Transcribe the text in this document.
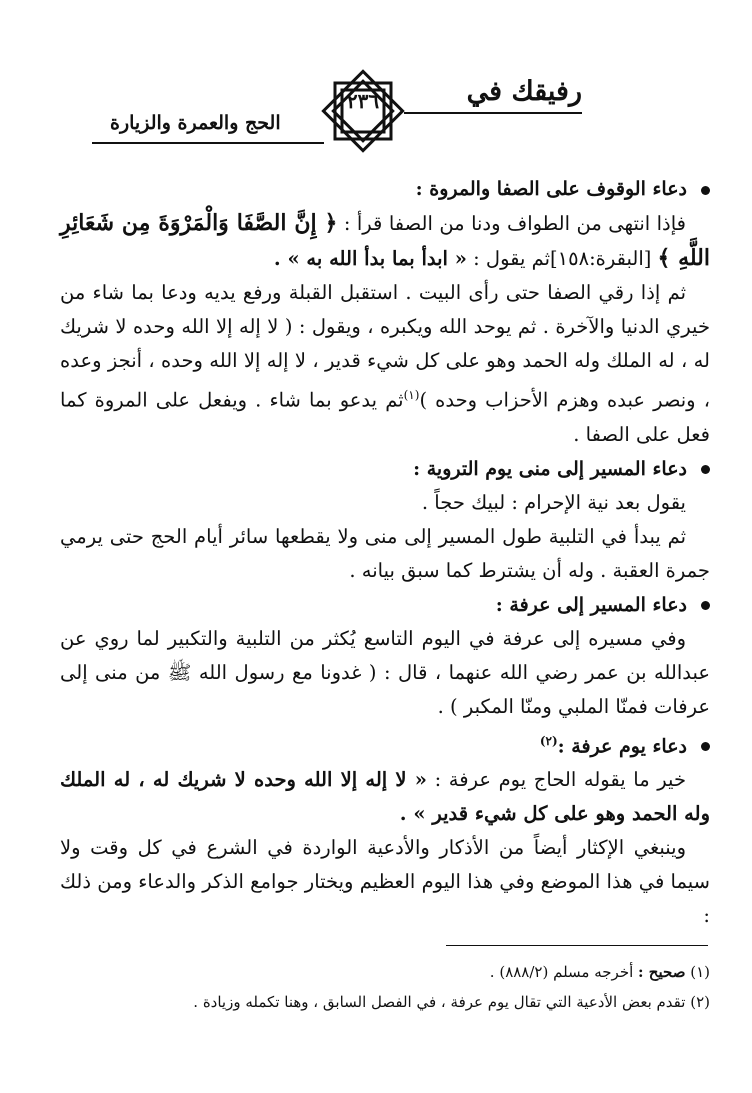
رفيقك في
٢٣٦
الحج والعمرة والزيارة

دعاء الوقوف على الصفا والمروة :

فإذا انتهى من الطواف ودنا من الصفا قرأ : ﴿ إِنَّ الصَّفَا وَالْمَرْوَةَ مِن شَعَائِرِ اللَّهِ ﴾ [البقرة:١٥٨]ثم يقول : « ابدأ بما بدأ الله به » .

ثم إذا رقي الصفا حتى رأى البيت . استقبل القبلة ورفع يديه ودعا بما شاء من خيري الدنيا والآخرة . ثم يوحد الله ويكبره ، ويقول : ( لا إله إلا الله وحده لا شريك له ، له الملك وله الحمد وهو على كل شيء قدير ، لا إله إلا الله وحده ، أنجز وعده ، ونصر عبده وهزم الأحزاب وحده )$^{(١)}$ثم يدعو بما شاء . ويفعل على المروة كما فعل على الصفا .

دعاء المسير إلى منى يوم التروية :

يقول بعد نية الإحرام : لبيك حجاً .

ثم يبدأ في التلبية طول المسير إلى منى ولا يقطعها سائر أيام الحج حتى يرمي جمرة العقبة . وله أن يشترط كما سبق بيانه .

دعاء المسير إلى عرفة :

وفي مسيره إلى عرفة في اليوم التاسع يُكثر من التلبية والتكبير لما روي عن عبدالله بن عمر رضي الله عنهما ، قال : ( غدونا مع رسول الله ﷺ من منى إلى عرفات فمنّا الملبي ومنّا المكبر ) .

دعاء يوم عرفة :$^{(٢)}$

خير ما يقوله الحاج يوم عرفة : « لا إله إلا الله وحده لا شريك له ، له الملك وله الحمد وهو على كل شيء قدير » .

وينبغي الإكثار أيضاً من الأذكار والأدعية الواردة في الشرع في كل وقت ولا سيما في هذا الموضع وفي هذا اليوم العظيم ويختار جوامع الذكر والدعاء ومن ذلك :

(١) صحيح : أخرجه مسلم (٨٨٨/٢) .

(٢) تقدم بعض الأدعية التي تقال يوم عرفة ، في الفصل السابق ، وهنا تكمله وزيادة .
